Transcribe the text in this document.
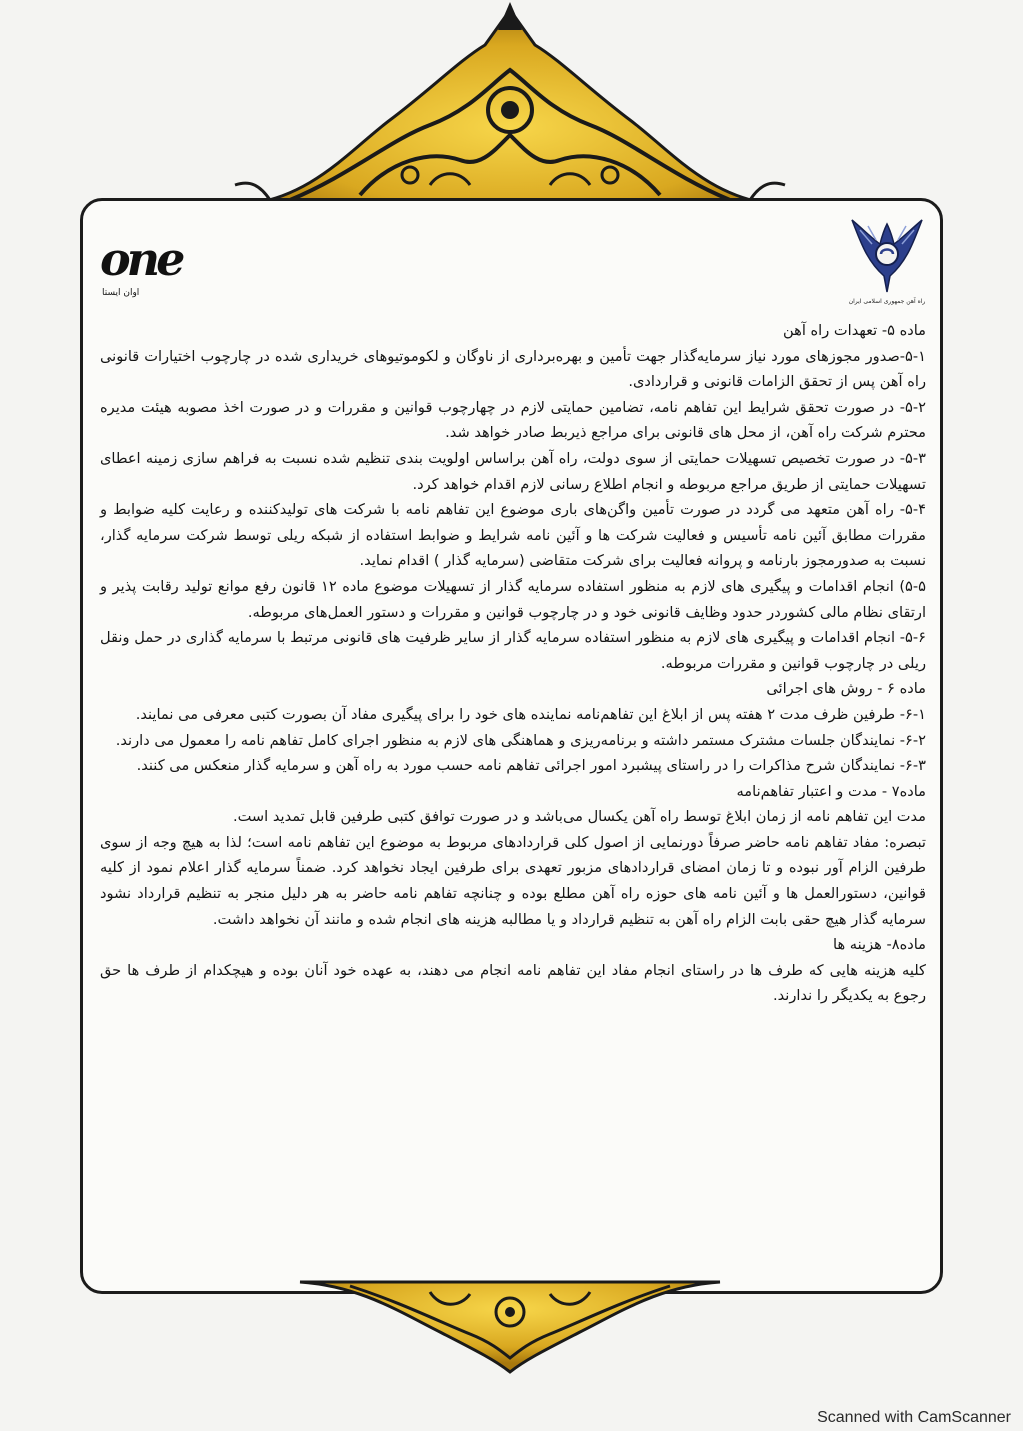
one
اوان ایستا
راه آهن جمهوری اسلامی ایران

ماده ۵- تعهدات راه آهن

۵-۱-صدور مجوزهای مورد نیاز سرمایه‌گذار جهت تأمین و بهره‌برداری از ناوگان و لکوموتیوهای خریداری شده در چارچوب اختیارات قانونی راه آهن پس از تحقق الزامات قانونی و قراردادی.

۵-۲- در صورت تحقق شرایط این تفاهم نامه، تضامین حمایتی لازم در چهارچوب قوانین و مقررات و در صورت اخذ مصوبه هیئت مدیره محترم شرکت راه آهن، از محل های قانونی برای مراجع ذیربط صادر خواهد شد.

۵-۳- در صورت تخصیص تسهیلات حمایتی از سوی دولت، راه آهن براساس اولویت بندی تنظیم شده نسبت به فراهم سازی زمینه اعطای تسهیلات حمایتی از طریق مراجع مربوطه و انجام اطلاع رسانی لازم اقدام خواهد کرد.

۵-۴- راه آهن متعهد می گردد در صورت تأمین واگن‌های باری موضوع این تفاهم نامه با شرکت های تولیدکننده و رعایت کلیه ضوابط و مقررات مطابق آئین نامه تأسیس و فعالیت شرکت ها و آئین نامه شرایط و ضوابط استفاده از شبکه ریلی توسط شرکت سرمایه گذار، نسبت به صدورمجوز بارنامه و پروانه فعالیت برای شرکت متقاضی (سرمایه گذار ) اقدام نماید.

۵-۵) انجام اقدامات و پیگیری های لازم به منظور استفاده سرمایه گذار از تسهیلات موضوع ماده ۱۲ قانون رفع موانع تولید رقابت پذیر و ارتقای نظام مالی کشوردر حدود وظایف قانونی خود و در چارچوب قوانین و مقررات و دستور العمل‌های مربوطه.

۵-۶- انجام اقدامات و پیگیری های لازم به منظور استفاده سرمایه گذار از سایر ظرفیت های قانونی مرتبط با سرمایه گذاری در حمل ونقل ریلی در چارچوب قوانین و مقررات مربوطه.

ماده ۶ - روش های اجرائی

۶-۱- طرفین ظرف مدت ۲ هفته پس از ابلاغ این تفاهم‌نامه نماینده های خود را برای پیگیری مفاد آن بصورت کتبی معرفی می نمایند.

۶-۲- نمایندگان جلسات مشترک مستمر داشته و برنامه‌ریزی و هماهنگی های لازم به منظور اجرای کامل تفاهم نامه را معمول می دارند.

۶-۳- نمایندگان شرح مذاکرات را در راستای پیشبرد امور اجرائی تفاهم نامه حسب مورد به راه آهن و سرمایه گذار منعکس می کنند.

ماده۷ - مدت و اعتبار تفاهم‌نامه

مدت این تفاهم نامه از زمان ابلاغ توسط راه آهن یکسال می‌باشد و در صورت توافق کتبی طرفین قابل تمدید است.

تبصره: مفاد تفاهم نامه حاضر صرفاً دورنمایی از اصول کلی قراردادهای مربوط به موضوع این تفاهم نامه است؛ لذا به هیچ وجه از سوی طرفین الزام آور نبوده و تا زمان امضای قراردادهای مزبور تعهدی برای طرفین ایجاد نخواهد کرد. ضمناً سرمایه گذار اعلام نمود از کلیه قوانین، دستورالعمل ها و آئین نامه های حوزه راه آهن مطلع بوده و چنانچه تفاهم نامه حاضر به هر دلیل منجر به تنظیم قرارداد نشود سرمایه گذار هیچ حقی بابت الزام راه آهن به تنظیم قرارداد و یا مطالبه هزینه های انجام شده و مانند آن نخواهد داشت.

ماده۸- هزینه ها

کلیه هزینه هایی که طرف ها در راستای انجام مفاد این تفاهم نامه انجام می دهند، به عهده خود آنان بوده و هیچکدام از طرف ها حق رجوع به یکدیگر را ندارند.

Scanned with CamScanner
